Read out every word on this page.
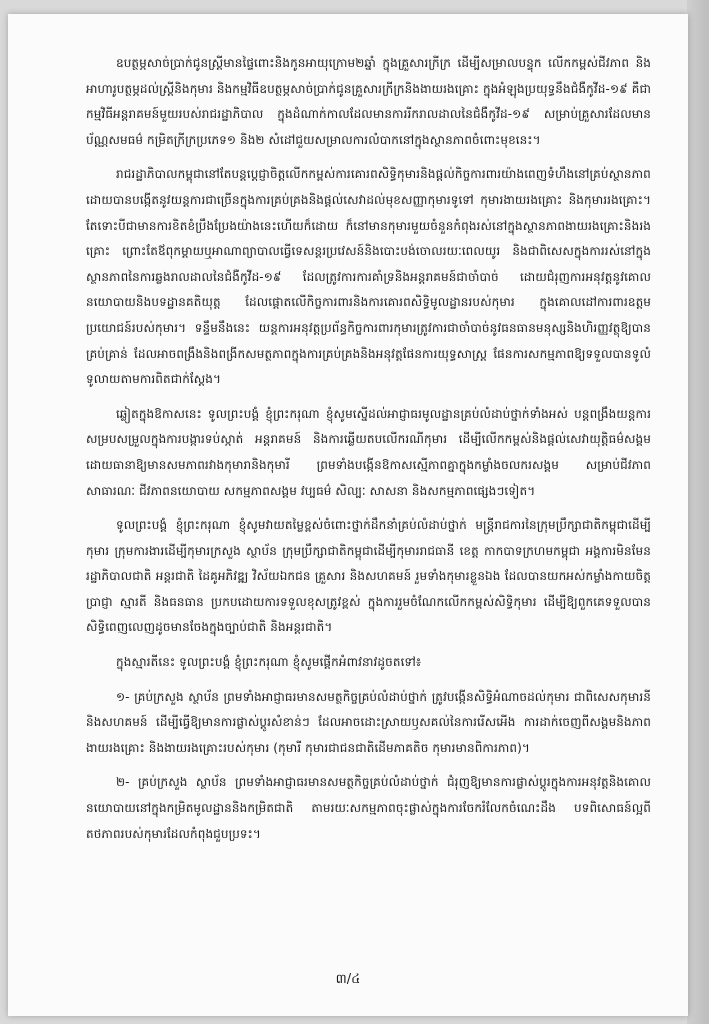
ឧបត្ថម្ភសាច់ប្រាក់ជូនស្ត្រីមានផ្ទៃពោះនិងកូនអាយុក្រោម២ឆ្នាំ ក្នុងគ្រួសារក្រីក្រ ដើម្បីសម្រាលបន្ទុក លើកកម្ពស់ជីវភាព និងអាហារូបត្ថម្ភដល់ស្ត្រីនិងកុមារ និងកម្មវិធីឧបត្ថម្ភសាច់ប្រាក់ជូនគ្រួសារក្រីក្រនិងងាយរងគ្រោះ ក្នុងអំឡុងប្រយុទ្ធនឹងជំងឺកូវីដ-១៩ គឺជាកម្មវិធីអន្តរាគមន៍មួយរបស់រាជរដ្ឋាភិបាល ក្នុងដំណាក់កាលដែលមានការរីករាលដាលនៃជំងឺកូវីដ-១៩ សម្រាប់គ្រួសារដែលមានប័ណ្ណសមធម៌ កម្រិតក្រីក្រប្រភេទ១ និង២ សំដៅជួយសម្រាលការលំបាកនៅក្នុងស្ថានភាពចំពោះមុខនេះ។

រាជរដ្ឋាភិបាលកម្ពុជានៅតែបន្តប្តេជ្ញាចិត្តលើកកម្ពស់ការគោរពសិទ្ធិកុមារនិងផ្តល់កិច្ចការពារយ៉ាងពេញទំហឹងនៅគ្រប់ស្ថានភាព ដោយបានបង្កើតនូវយន្តការជាច្រើនក្នុងការគ្រប់គ្រងនិងផ្តល់សេវាដល់មុខសញ្ញាកុមារទូទៅ កុមារងាយរងគ្រោះ និងកុមាររងគ្រោះ។ តែទោះបីជាមានការខិតខំប្រឹងប្រែងយ៉ាងនេះហើយក៏ដោយ ក៏នៅមានកុមារមួយចំនួនកំពុងរស់នៅក្នុងស្ថានភាពងាយរងគ្រោះនិងរងគ្រោះ ព្រោះតែឪពុកម្តាយឬអាណាព្យាបាលធ្វើទេសន្តរប្រវេសន៍និងបោះបង់ចោលរយៈពេលយូរ និងជាពិសេសក្នុងការរស់នៅក្នុងស្ថានភាពនៃការឆ្លងរាលដាលនៃជំងឺកូវីដ-១៩ ដែលត្រូវការការគាំទ្រនិងអន្តរាគមន៍ជាចាំបាច់ ដោយជំរុញការអនុវត្តនូវគោលនយោបាយនិងបទដ្ឋានគតិយុត្ត ដែលផ្តោតលើកិច្ចការពារនិងការគោរពសិទ្ធិមូលដ្ឋានរបស់កុមារ ក្នុងគោលដៅការពារឧត្តមប្រយោជន៍របស់កុមារ។ ទន្ទឹមនឹងនេះ យន្តការអនុវត្តប្រព័ន្ធកិច្ចការពារកុមារត្រូវការជាចាំបាច់នូវធនធានមនុស្សនិងហិរញ្ញវត្ថុឱ្យបានគ្រប់គ្រាន់ ដែលអាចពង្រឹងនិងពង្រីកសមត្ថភាពក្នុងការគ្រប់គ្រងនិងអនុវត្តផែនការយុទ្ធសាស្ត្រ ផែនការសកម្មភាពឱ្យទទួលបានទូលំទូលាយតាមការពិតជាក់ស្តែង។

ឆ្លៀតក្នុងឱកាសនេះ ទូលព្រះបង្គំ ខ្ញុំព្រះករុណា ខ្ញុំសូមស្នើដល់អាជ្ញាធរមូលដ្ឋានគ្រប់លំដាប់ថ្នាក់ទាំងអស់ បន្តពង្រឹងយន្តការសម្របសម្រួលក្នុងការបង្ការទប់ស្កាត់ អន្តរាគមន៍ និងការឆ្លើយតបលើករណីកុមារ ដើម្បីលើកកម្ពស់និងផ្តល់សេវាយុត្តិធម៌សង្គម ដោយធានាឱ្យមានសមភាពរវាងកុមារានិងកុមារី ព្រមទាំងបង្កើនឱកាសស្មើភាពគ្នាក្នុងកម្លាំងចលករសង្គម សម្រាប់ជីវភាពសាធារណៈ ជីវភាពនយោបាយ សកម្មភាពសង្គម វប្បធម៌ សិល្បៈ សាសនា និងសកម្មភាពផ្សេងៗទៀត។

ទូលព្រះបង្គំ ខ្ញុំព្រះករុណា ខ្ញុំសូមវាយតម្លៃខ្ពស់ចំពោះថ្នាក់ដឹកនាំគ្រប់លំដាប់ថ្នាក់ មន្ត្រីរាជការនៃក្រុមប្រឹក្សាជាតិកម្ពុជាដើម្បីកុមារ ក្រុមការងារដើម្បីកុមារក្រសួង ស្ថាប័ន ក្រុមប្រឹក្សាជាតិកម្ពុជាដើម្បីកុមាររាជធានី ខេត្ត កាកបាទក្រហមកម្ពុជា អង្គការមិនមែនរដ្ឋាភិបាលជាតិ អន្តរជាតិ ដៃគូអភិវឌ្ឍ វិស័យឯកជន គ្រួសារ និងសហគមន៍ រួមទាំងកុមារខ្លួនឯង ដែលបានយកអស់កម្លាំងកាយចិត្ត ប្រាជ្ញា ស្មារតី និងធនធាន ប្រកបដោយការទទួលខុសត្រូវខ្ពស់ ក្នុងការរួមចំណែកលើកកម្ពស់សិទ្ធិកុមារ ដើម្បីឱ្យពួកគេទទួលបានសិទ្ធិពេញលេញដូចមានចែងក្នុងច្បាប់ជាតិ និងអន្តរជាតិ។

ក្នុងស្មារតីនេះ ទូលព្រះបង្គំ ខ្ញុំព្រះករុណា ខ្ញុំសូមផ្តើកអំពាវនាវដូចតទៅ៖

១- គ្រប់ក្រសួង ស្ថាប័ន ព្រមទាំងអាជ្ញាធរមានសមត្ថកិច្ចគ្រប់លំដាប់ថ្នាក់ ត្រូវបង្កើនសិទ្ធិអំណាចដល់កុមារ ជាពិសេសកុមារនីនិងសហគមន៍ ដើម្បីធ្វើឱ្យមានការផ្លាស់ប្តូរសំខាន់ៗ ដែលអាចដោះស្រាយឫសគល់នៃការរើសអើង ការដាក់ចេញពីសង្គមនិងភាពងាយរងគ្រោះ និងងាយរងគ្រោះរបស់កុមារ (កុមារី កុមារជាជនជាតិដើមភាគតិច កុមារមានពិការភាព)។

២- គ្រប់ក្រសួង ស្ថាប័ន ព្រមទាំងអាជ្ញាធរមានសមត្ថកិច្ចគ្រប់លំដាប់ថ្នាក់ ជំរុញឱ្យមានការផ្លាស់ប្តូរក្នុងការអនុវត្តនិងគោលនយោបាយនៅក្នុងកម្រិតមូលដ្ឋាននិងកម្រិតជាតិ តាមរយៈសកម្មភាពចុះផ្លាស់ក្នុងការចែករំលែកចំណេះដឹង បទពិសោធន៍ល្អពីតថភាពរបស់កុមារដែលកំពុងជួបប្រទះ។

៣/៤
